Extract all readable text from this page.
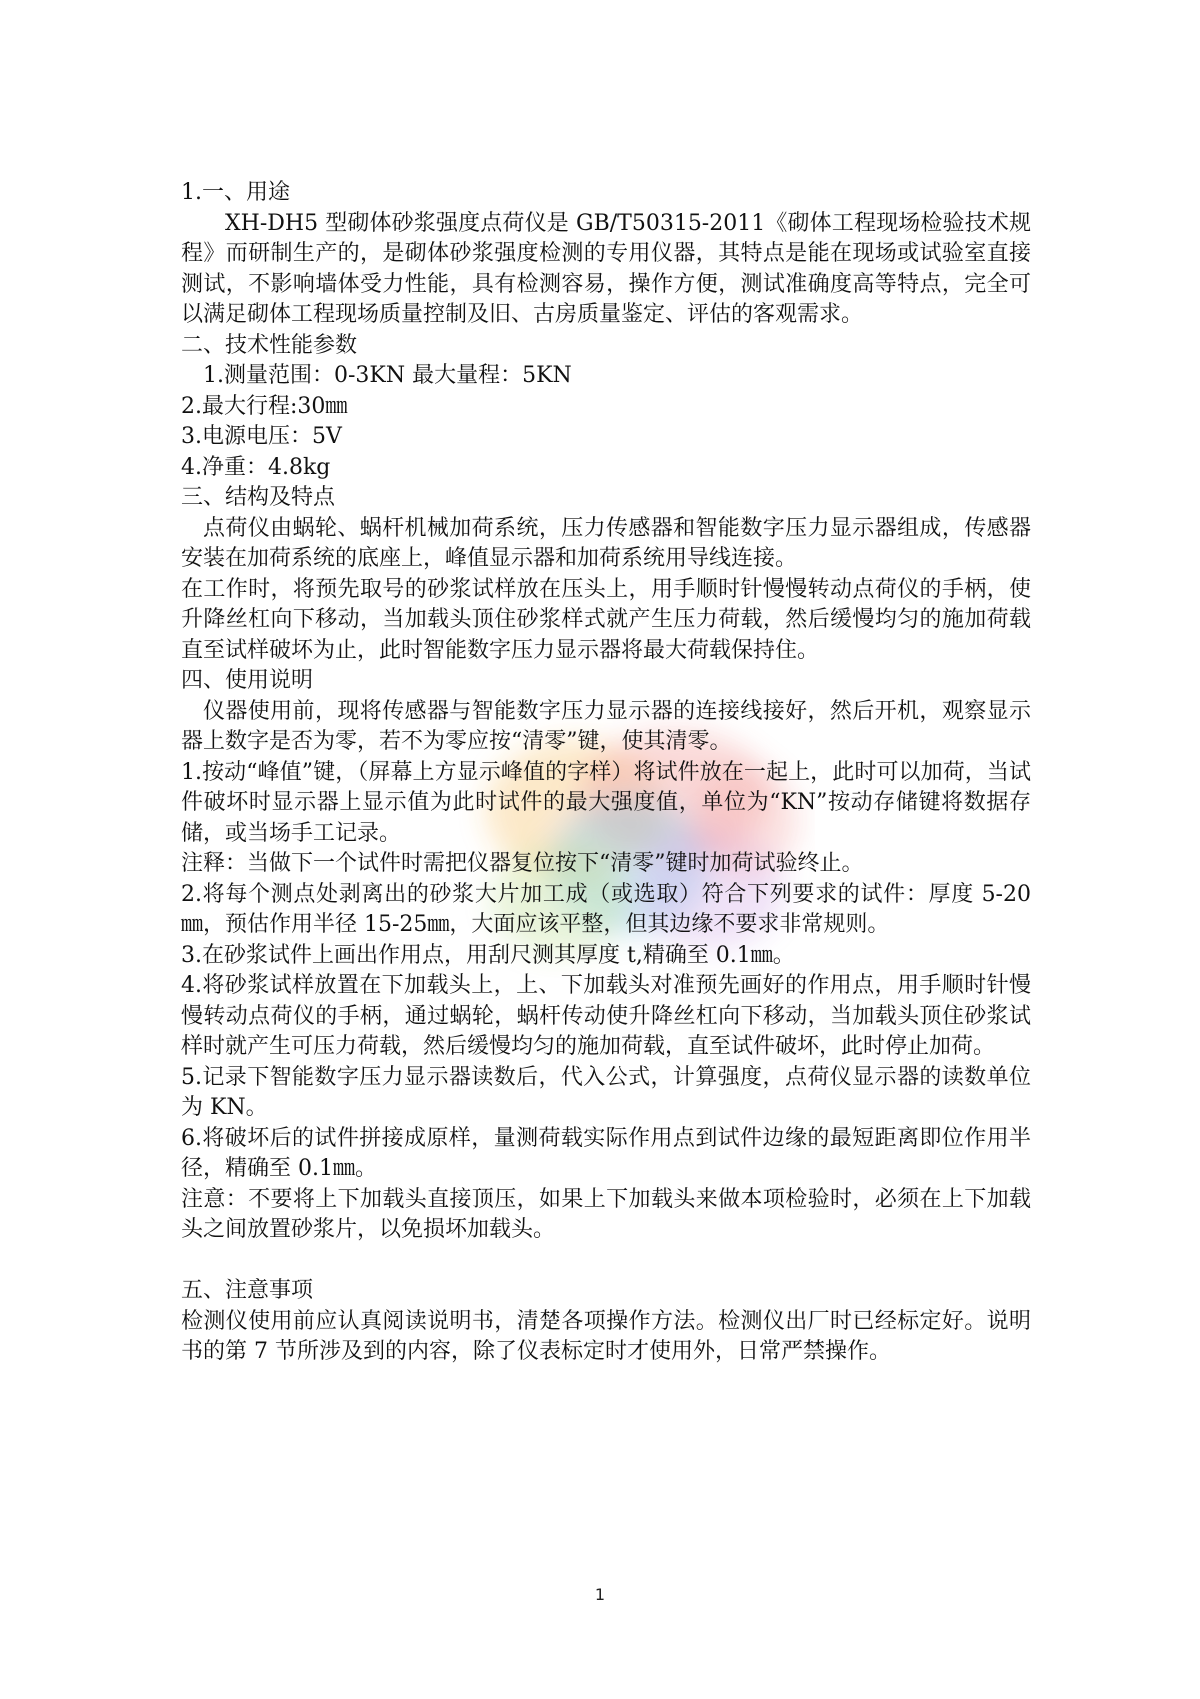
1.一、用途

XH-DH5 型砌体砂浆强度点荷仪是 GB/T50315-2011《砌体工程现场检验技术规程》而研制生产的，是砌体砂浆强度检测的专用仪器，其特点是能在现场或试验室直接测试，不影响墙体受力性能，具有检测容易，操作方便，测试准确度高等特点，完全可以满足砌体工程现场质量控制及旧、古房质量鉴定、评估的客观需求。

二、技术性能参数

1.测量范围：0-3KN 最大量程：5KN

2.最大行程:30㎜

3.电源电压：5V

4.净重：4.8kg

三、结构及特点

点荷仪由蜗轮、蜗杆机械加荷系统，压力传感器和智能数字压力显示器组成，传感器安装在加荷系统的底座上，峰值显示器和加荷系统用导线连接。

在工作时，将预先取号的砂浆试样放在压头上，用手顺时针慢慢转动点荷仪的手柄，使升降丝杠向下移动，当加载头顶住砂浆样式就产生压力荷载，然后缓慢均匀的施加荷载直至试样破坏为止，此时智能数字压力显示器将最大荷载保持住。

四、使用说明

仪器使用前，现将传感器与智能数字压力显示器的连接线接好，然后开机，观察显示器上数字是否为零，若不为零应按“清零”键，使其清零。

1.按动“峰值”键，（屏幕上方显示峰值的字样）将试件放在一起上，此时可以加荷，当试件破坏时显示器上显示值为此时试件的最大强度值，单位为“KN”按动存储键将数据存储，或当场手工记录。

注释：当做下一个试件时需把仪器复位按下“清零”键时加荷试验终止。

2.将每个测点处剥离出的砂浆大片加工成（或选取）符合下列要求的试件：厚度 5-20㎜，预估作用半径 15-25㎜，大面应该平整，但其边缘不要求非常规则。

3.在砂浆试件上画出作用点，用刮尺测其厚度 t,精确至 0.1㎜。

4.将砂浆试样放置在下加载头上，上、下加载头对准预先画好的作用点，用手顺时针慢慢转动点荷仪的手柄，通过蜗轮，蜗杆传动使升降丝杠向下移动，当加载头顶住砂浆试样时就产生可压力荷载，然后缓慢均匀的施加荷载，直至试件破坏，此时停止加荷。

5.记录下智能数字压力显示器读数后，代入公式，计算强度，点荷仪显示器的读数单位为 KN。

6.将破坏后的试件拼接成原样，量测荷载实际作用点到试件边缘的最短距离即位作用半径，精确至 0.1㎜。

注意：不要将上下加载头直接顶压，如果上下加载头来做本项检验时，必须在上下加载头之间放置砂浆片，以免损坏加载头。

五、注意事项

检测仪使用前应认真阅读说明书，清楚各项操作方法。检测仪出厂时已经标定好。说明书的第 7 节所涉及到的内容，除了仪表标定时才使用外，日常严禁操作。

1
